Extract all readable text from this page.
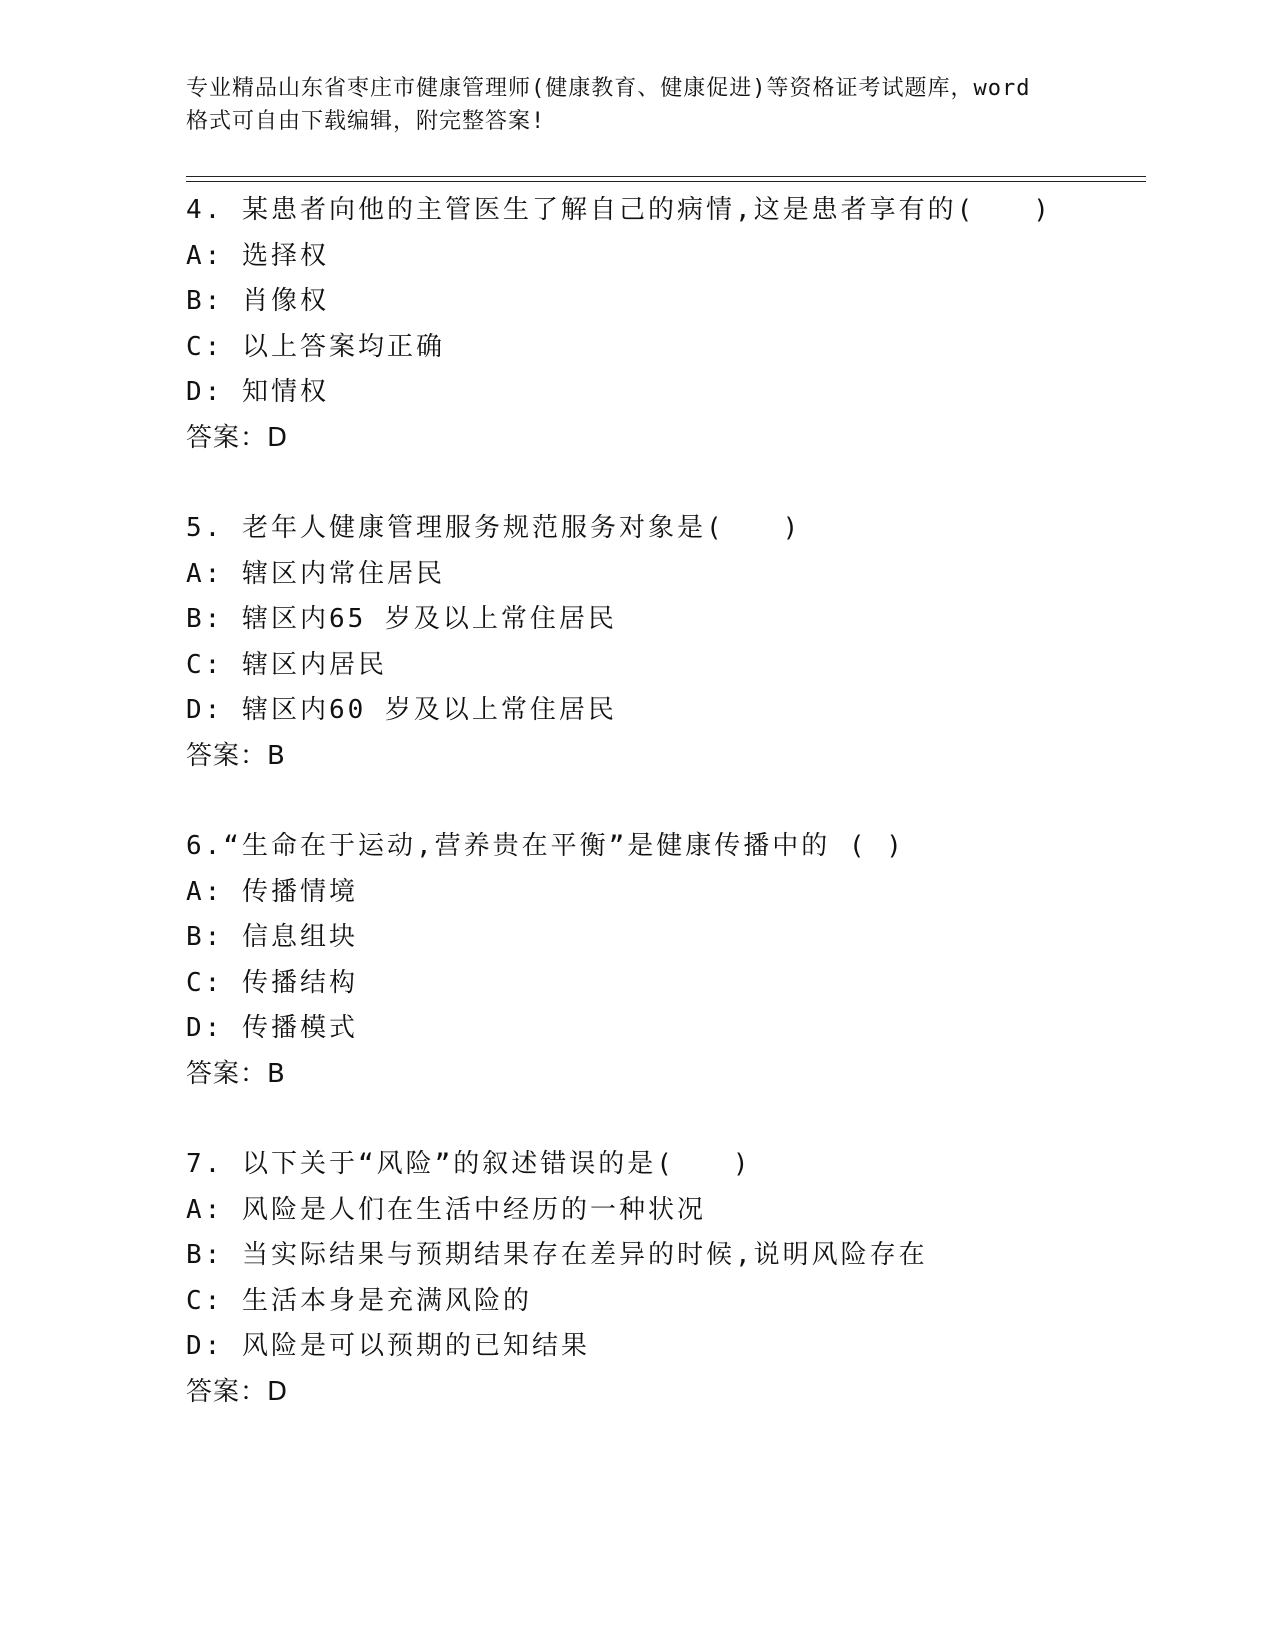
专业精品山东省枣庄市健康管理师(健康教育、健康促进)等资格证考试题库，word
格式可自由下载编辑，附完整答案!
4. 某患者向他的主管医生了解自己的病情,这是患者享有的(　　)
A: 选择权
B: 肖像权
C: 以上答案均正确
D: 知情权
答案：D
5. 老年人健康管理服务规范服务对象是(　　)
A: 辖区内常住居民
B: 辖区内65 岁及以上常住居民
C: 辖区内居民
D: 辖区内60 岁及以上常住居民
答案：B
6.“生命在于运动,营养贵在平衡”是健康传播中的 ( )
A: 传播情境
B: 信息组块
C: 传播结构
D: 传播模式
答案：B
7. 以下关于“风险”的叙述错误的是(　　)
A: 风险是人们在生活中经历的一种状况
B: 当实际结果与预期结果存在差异的时候,说明风险存在
C: 生活本身是充满风险的
D: 风险是可以预期的已知结果
答案：D
